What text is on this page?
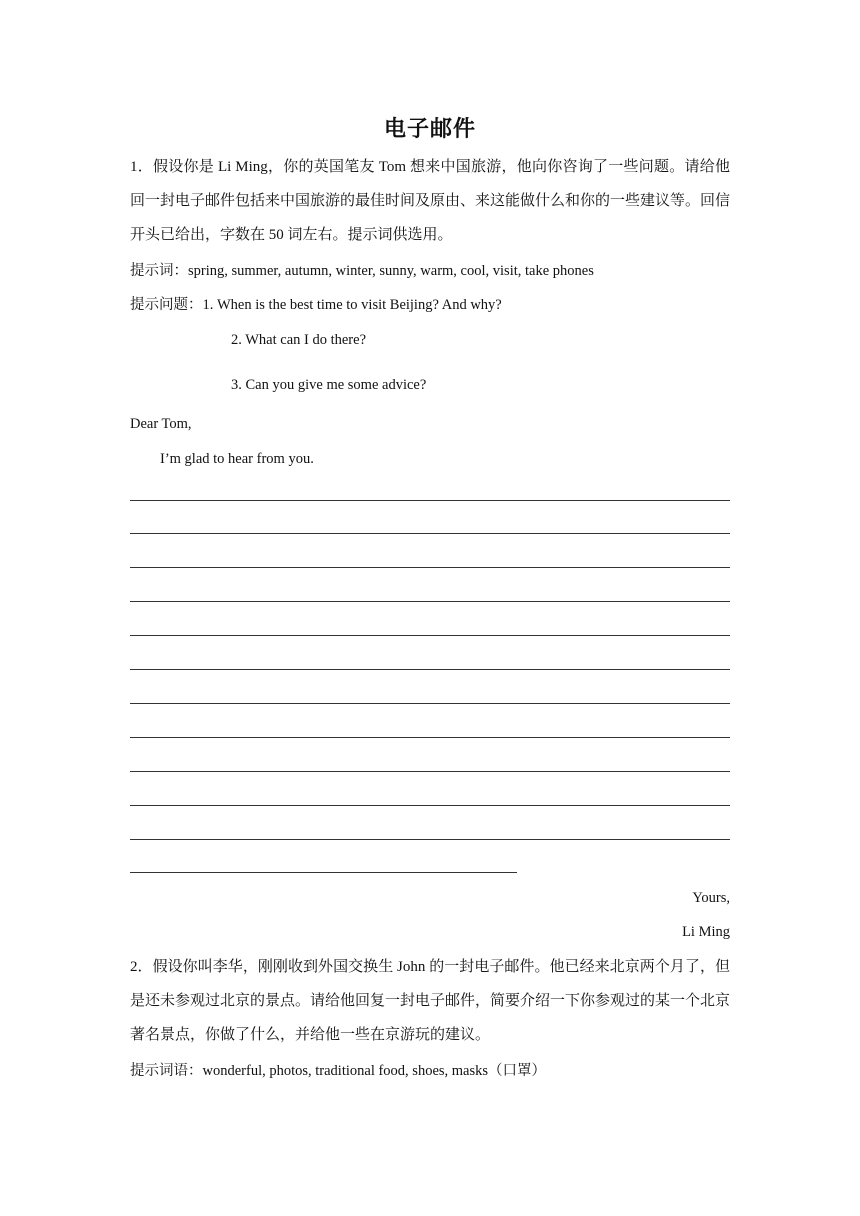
电子邮件

1．假设你是 Li Ming，你的英国笔友 Tom 想来中国旅游，他向你咨询了一些问题。请给他回一封电子邮件包括来中国旅游的最佳时间及原由、来这能做什么和你的一些建议等。回信开头已给出，字数在 50 词左右。提示词供选用。

提示词：spring, summer, autumn, winter, sunny, warm, cool, visit, take phones
提示问题：1. When is the best time to visit Beijing? And why?
2. What can I do there?
3. Can you give me some advice?
Dear Tom,
I’m glad to hear from you.
Yours,
Li Ming

2．假设你叫李华，刚刚收到外国交换生 John 的一封电子邮件。他已经来北京两个月了，但是还未参观过北京的景点。请给他回复一封电子邮件，简要介绍一下你参观过的某一个北京著名景点，你做了什么，并给他一些在京游玩的建议。

提示词语：wonderful, photos, traditional food, shoes, masks（口罩）
